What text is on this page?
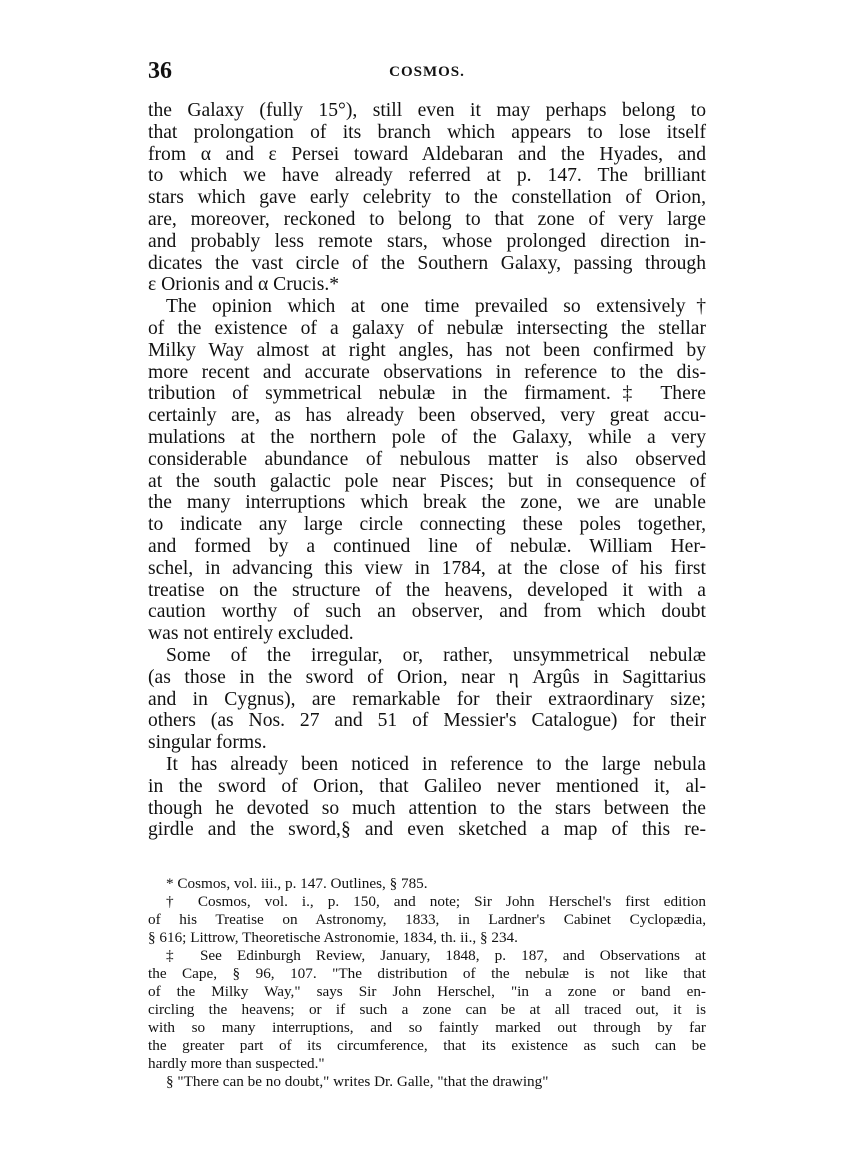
36	COSMOS.
the Galaxy (fully 15°), still even it may perhaps belong to
that prolongation of its branch which appears to lose itself
from α and ε Persei toward Aldebaran and the Hyades, and
to which we have already referred at p. 147. The brilliant
stars which gave early celebrity to the constellation of Orion,
are, moreover, reckoned to belong to that zone of very large
and probably less remote stars, whose prolonged direction in-
dicates the vast circle of the Southern Galaxy, passing through
ε Orionis and α Crucis.*
The opinion which at one time prevailed so extensively†
of the existence of a galaxy of nebulæ intersecting the stellar
Milky Way almost at right angles, has not been confirmed by
more recent and accurate observations in reference to the dis-
tribution of symmetrical nebulæ in the firmament.‡ There
certainly are, as has already been observed, very great accu-
mulations at the northern pole of the Galaxy, while a very
considerable abundance of nebulous matter is also observed
at the south galactic pole near Pisces; but in consequence of
the many interruptions which break the zone, we are unable
to indicate any large circle connecting these poles together,
and formed by a continued line of nebulæ. William Her-
schel, in advancing this view in 1784, at the close of his first
treatise on the structure of the heavens, developed it with a
caution worthy of such an observer, and from which doubt
was not entirely excluded.
Some of the irregular, or, rather, unsymmetrical nebulæ
(as those in the sword of Orion, near η Argûs in Sagittarius
and in Cygnus), are remarkable for their extraordinary size;
others (as Nos. 27 and 51 of Messier's Catalogue) for their
singular forms.
It has already been noticed in reference to the large nebula
in the sword of Orion, that Galileo never mentioned it, al-
though he devoted so much attention to the stars between the
girdle and the sword,§ and even sketched a map of this re-
* Cosmos, vol. iii., p. 147. Outlines, § 785.
† Cosmos, vol. i., p. 150, and note; Sir John Herschel's first edition
of his Treatise on Astronomy, 1833, in Lardner's Cabinet Cyclopædia,
§ 616; Littrow, Theoretische Astronomie, 1834, th. ii., § 234.
‡ See Edinburgh Review, January, 1848, p. 187, and Observations at
the Cape, § 96, 107. "The distribution of the nebulæ is not like that
of the Milky Way," says Sir John Herschel, "in a zone or band en-
circling the heavens; or if such a zone can be at all traced out, it is
with so many interruptions, and so faintly marked out through by far
the greater part of its circumference, that its existence as such can be
hardly more than suspected."
§ "There can be no doubt," writes Dr. Galle, "that the drawing"
